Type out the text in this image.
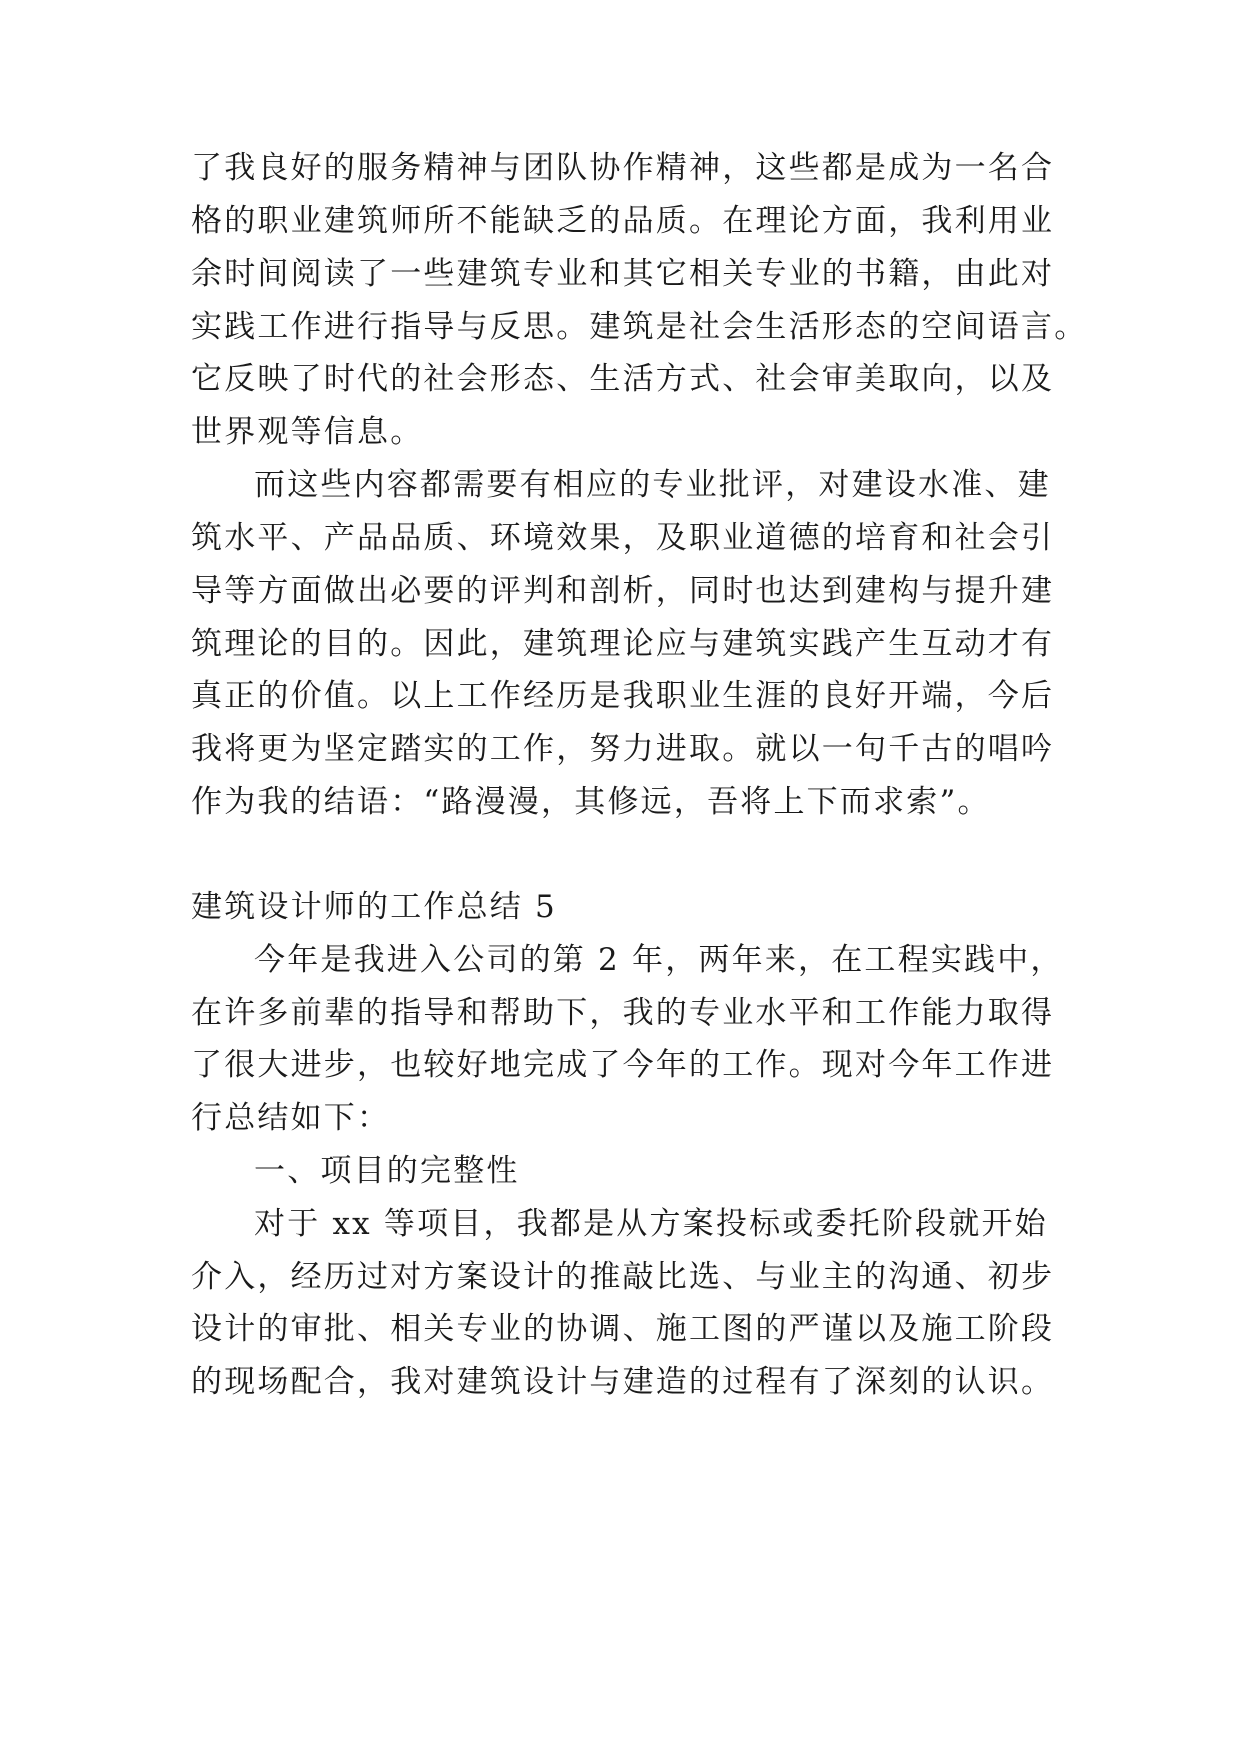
了我良好的服务精神与团队协作精神，这些都是成为一名合
格的职业建筑师所不能缺乏的品质。在理论方面，我利用业
余时间阅读了一些建筑专业和其它相关专业的书籍，由此对
实践工作进行指导与反思。建筑是社会生活形态的空间语言。
它反映了时代的社会形态、生活方式、社会审美取向，以及
世界观等信息。
而这些内容都需要有相应的专业批评，对建设水准、建
筑水平、产品品质、环境效果，及职业道德的培育和社会引
导等方面做出必要的评判和剖析，同时也达到建构与提升建
筑理论的目的。因此，建筑理论应与建筑实践产生互动才有
真正的价值。以上工作经历是我职业生涯的良好开端，今后
我将更为坚定踏实的工作，努力进取。就以一句千古的唱吟
作为我的结语：“路漫漫，其修远，吾将上下而求索”。
建筑设计师的工作总结 5
今年是我进入公司的第 2 年，两年来，在工程实践中，
在许多前辈的指导和帮助下，我的专业水平和工作能力取得
了很大进步，也较好地完成了今年的工作。现对今年工作进
行总结如下：
一、项目的完整性
对于 xx 等项目，我都是从方案投标或委托阶段就开始
介入，经历过对方案设计的推敲比选、与业主的沟通、初步
设计的审批、相关专业的协调、施工图的严谨以及施工阶段
的现场配合，我对建筑设计与建造的过程有了深刻的认识。
